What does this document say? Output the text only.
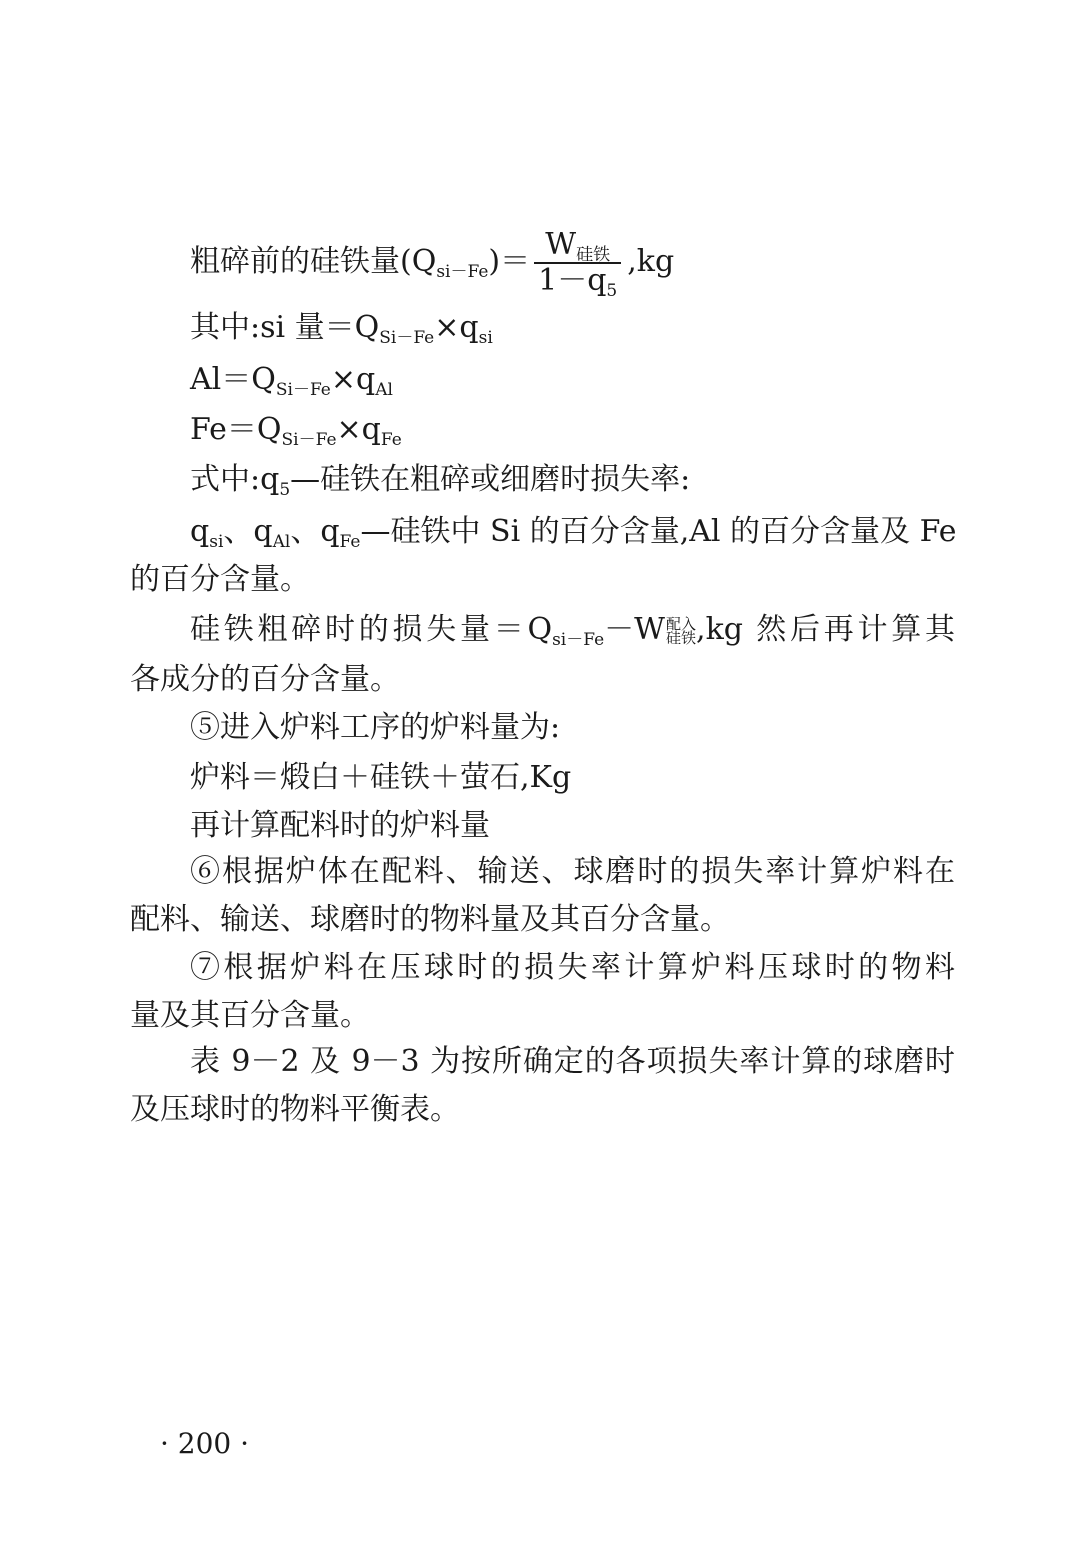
粗碎前的硅铁量$(Q_{si-Fe})= \frac{W_{硅铁}}{1-q_5} ,kg$
其中:si 量$=Q_{Si-Fe}\times q_{si}$
$Al=Q_{Si-Fe}\times q_{Al}$
$Fe=Q_{Si-Fe}\times q_{Fe}$
式中$:q_5—$硅铁在粗碎或细磨时损失率:
$q_{si}$、$q_{Al}$、$q_{Fe}—$硅铁中 Si 的百分含量,Al 的百分含量及 Fe
的百分含量。
硅铁粗碎时的损失量$=Q_{si-Fe}-W$ 配入
硅铁 ,kg 然后再计算其
各成分的百分含量。
⑤进入炉料工序的炉料量为:
炉料＝煅白＋硅铁＋萤石,Kg
再计算配料时的炉料量
⑥根据炉体在配料、输送、球磨时的损失率计算炉料在
配料、输送、球磨时的物料量及其百分含量。
⑦根据炉料在压球时的损失率计算炉料压球时的物料
量及其百分含量。
表 9－2 及 9－3 为按所确定的各项损失率计算的球磨时
及压球时的物料平衡表。
· 200 ·
